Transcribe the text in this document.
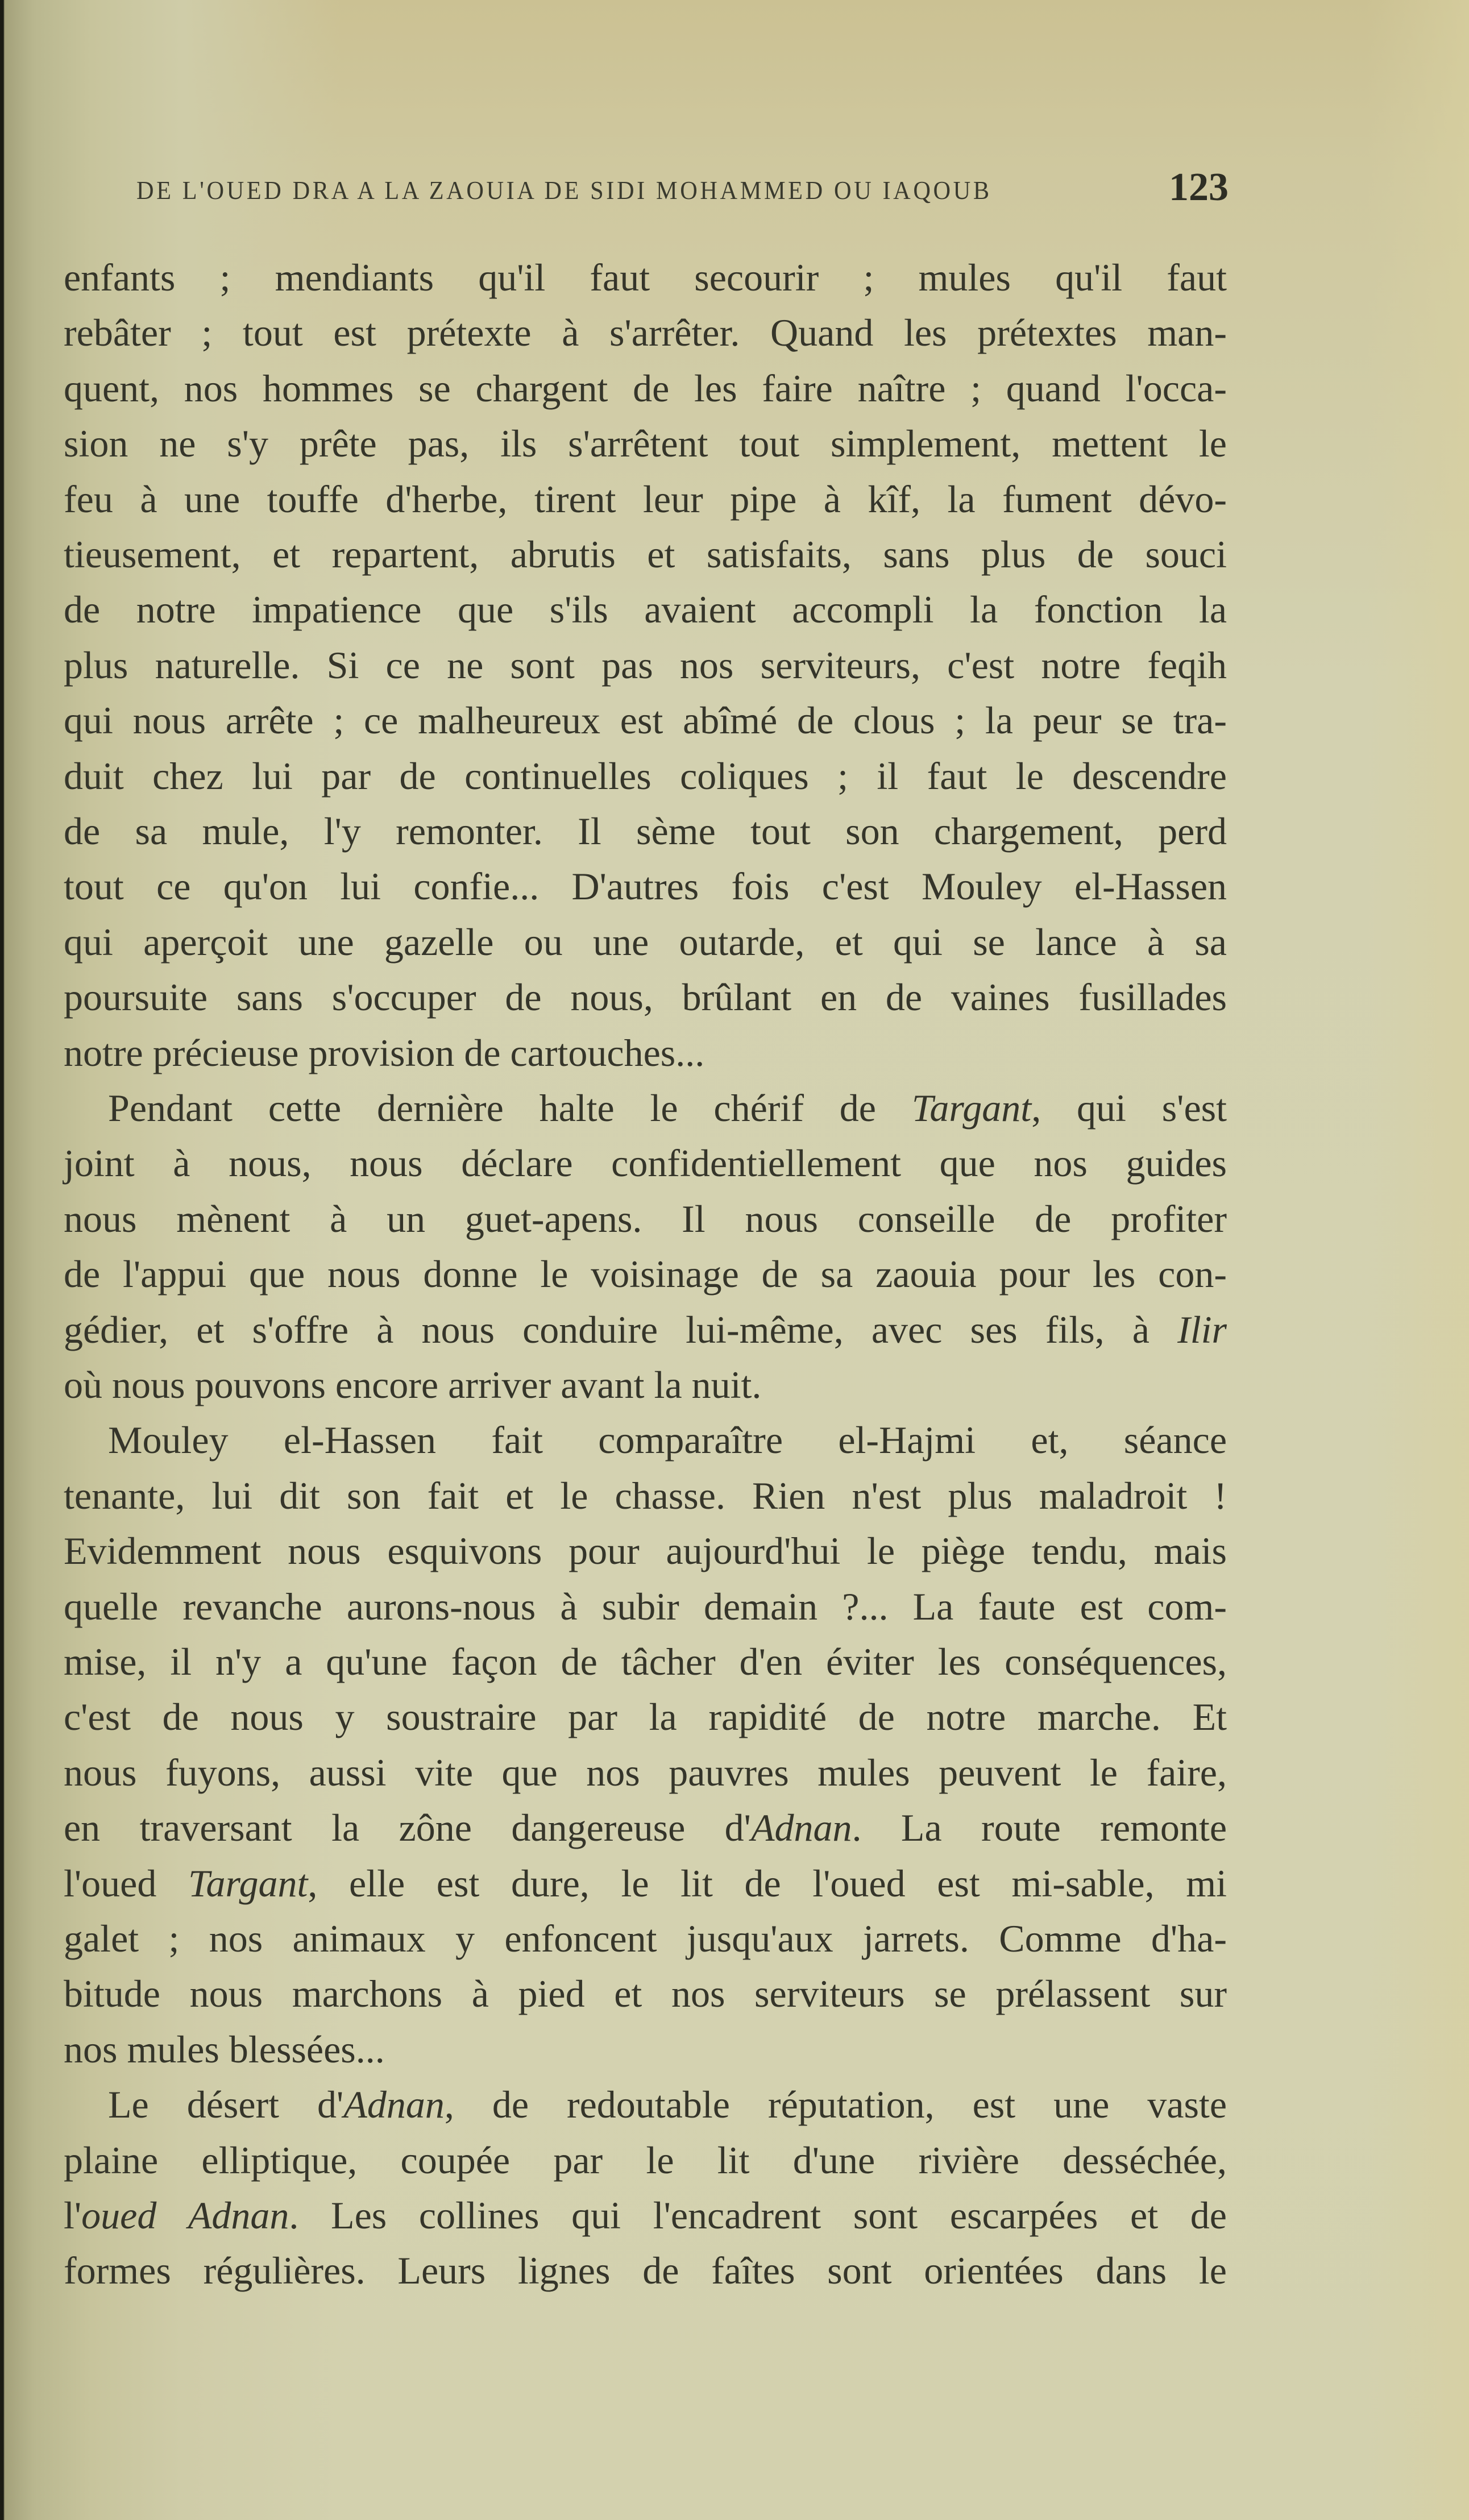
DE L'OUED DRA A LA ZAOUIA DE SIDI MOHAMMED OU IAQOUB	123
enfants ; mendiants qu'il faut secourir ; mules qu'il faut
rebâter ; tout est prétexte à s'arrêter. Quand les prétextes man-
quent, nos hommes se chargent de les faire naître ; quand l'occa-
sion ne s'y prête pas, ils s'arrêtent tout simplement, mettent le
feu à une touffe d'herbe, tirent leur pipe à kîf, la fument dévo-
tieusement, et repartent, abrutis et satisfaits, sans plus de souci
de notre impatience que s'ils avaient accompli la fonction la
plus naturelle. Si ce ne sont pas nos serviteurs, c'est notre feqih
qui nous arrête ; ce malheureux est abîmé de clous ; la peur se tra-
duit chez lui par de continuelles coliques ; il faut le descendre
de sa mule, l'y remonter. Il sème tout son chargement, perd
tout ce qu'on lui confie... D'autres fois c'est Mouley el-Hassen
qui aperçoit une gazelle ou une outarde, et qui se lance à sa
poursuite sans s'occuper de nous, brûlant en de vaines fusillades
notre précieuse provision de cartouches...
Pendant cette dernière halte le chérif de Targant, qui s'est
joint à nous, nous déclare confidentiellement que nos guides
nous mènent à un guet-apens. Il nous conseille de profiter
de l'appui que nous donne le voisinage de sa zaouia pour les con-
gédier, et s'offre à nous conduire lui-même, avec ses fils, à Ilir
où nous pouvons encore arriver avant la nuit.
Mouley el-Hassen fait comparaître el-Hajmi et, séance
tenante, lui dit son fait et le chasse. Rien n'est plus maladroit !
Evidemment nous esquivons pour aujourd'hui le piège tendu, mais
quelle revanche aurons-nous à subir demain ?... La faute est com-
mise, il n'y a qu'une façon de tâcher d'en éviter les conséquences,
c'est de nous y soustraire par la rapidité de notre marche. Et
nous fuyons, aussi vite que nos pauvres mules peuvent le faire,
en traversant la zône dangereuse d'Adnan. La route remonte
l'oued Targant, elle est dure, le lit de l'oued est mi-sable, mi
galet ; nos animaux y enfoncent jusqu'aux jarrets. Comme d'ha-
bitude nous marchons à pied et nos serviteurs se prélassent sur
nos mules blessées...
Le désert d'Adnan, de redoutable réputation, est une vaste
plaine elliptique, coupée par le lit d'une rivière desséchée,
l'oued Adnan. Les collines qui l'encadrent sont escarpées et de
formes régulières. Leurs lignes de faîtes sont orientées dans le
